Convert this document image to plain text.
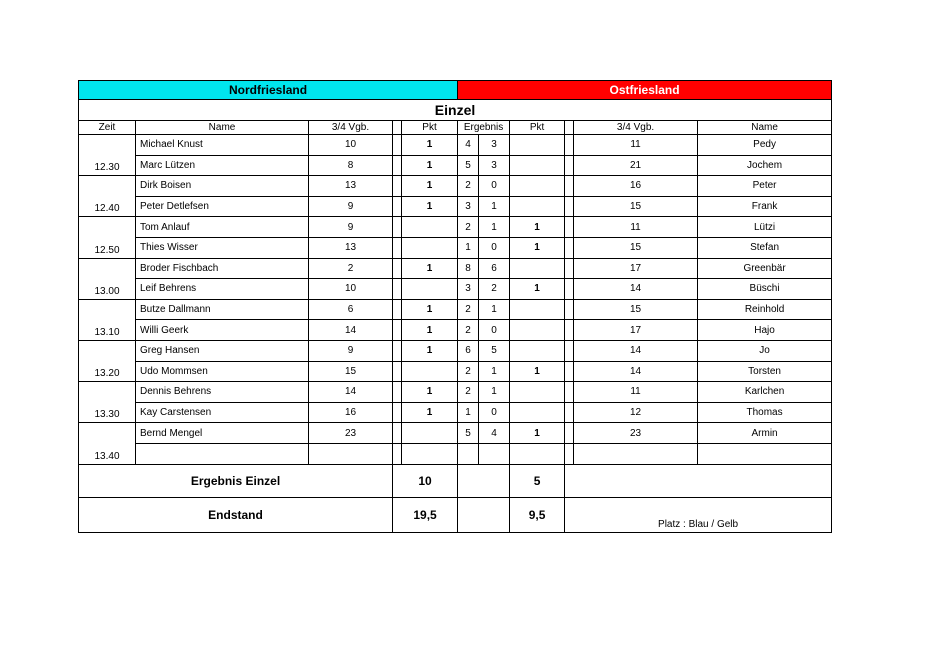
Nordfriesland					Ostfriesland					
Einzel										
Zeit	Name	3/4 Vgb.		Pkt	Ergebnis		Pkt		3/4 Vgb.	Name
12.30	Michael Knust	10		1	4	3			11	Pedy
	Marc Lützen	8		1	5	3			21	Jochem
12.40	Dirk Boisen	13		1	2	0			16	Peter
	Peter Detlefsen	9		1	3	1			15	Frank
12.50	Tom Anlauf	9			2	1	1		11	Lützi
	Thies Wisser	13			1	0	1		15	Stefan
13.00	Broder Fischbach	2		1	8	6			17	Greenbär
	Leif Behrens	10			3	2	1		14	Büschi
13.10	Butze Dallmann	6		1	2	1			15	Reinhold
	Willi Geerk	14		1	2	0			17	Hajo
13.20	Greg Hansen	9		1	6	5			14	Jo
	Udo Mommsen	15			2	1	1		14	Torsten
13.30	Dennis Behrens	14		1	2	1			11	Karlchen
	Kay Carstensen	16		1	1	0			12	Thomas
13.40	Bernd Mengel	23			5	4	1		23	Armin

Ergebnis Einzel			10				5			
Endstand			19,5				9,5	Platz : Blau / Gelb		
